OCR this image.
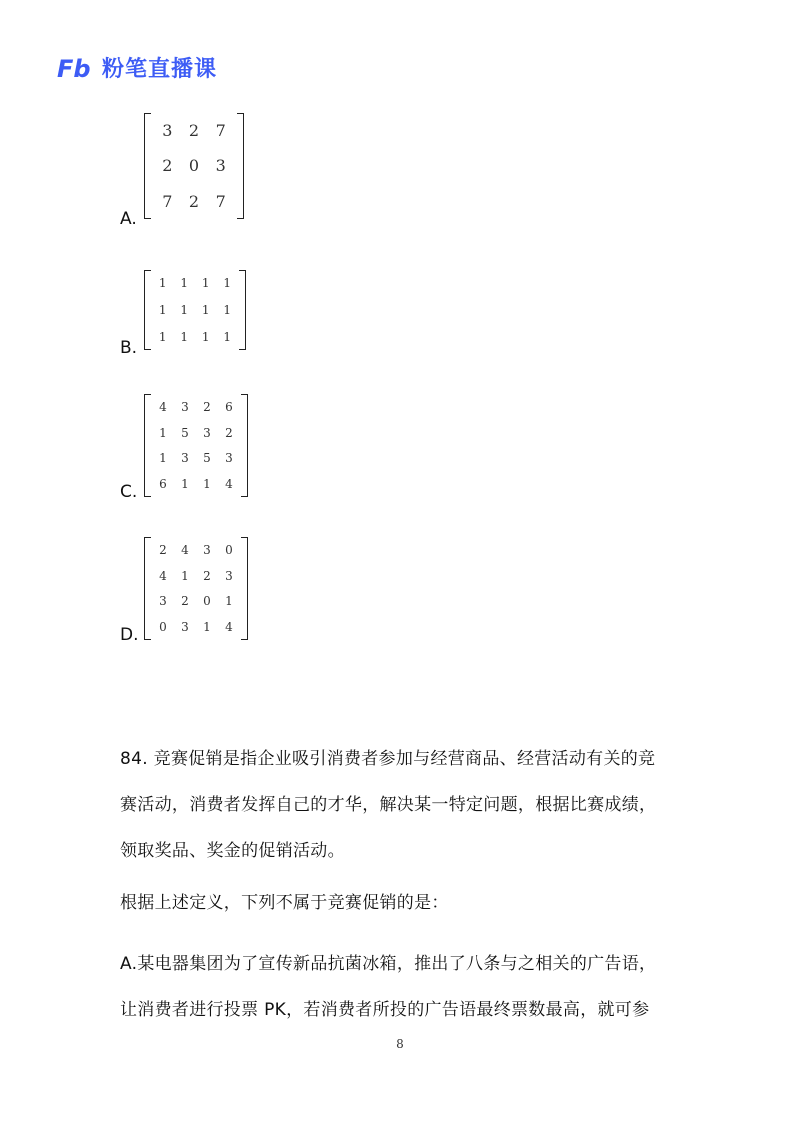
Fb 粉笔直播课
A.
3	2	7
2	0	3
7	2	7
B.
1	1	1	1
1	1	1	1
1	1	1	1
C.
4	3	2	6
1	5	3	2
1	3	5	3
6	1	1	4
D.
2	4	3	0
4	1	2	3
3	2	0	1
0	3	1	4
84. 竞赛促销是指企业吸引消费者参加与经营商品、经营活动有关的竞
赛活动，消费者发挥自己的才华，解决某一特定问题，根据比赛成绩，
领取奖品、奖金的促销活动。
根据上述定义，下列不属于竞赛促销的是：
A.某电器集团为了宣传新品抗菌冰箱，推出了八条与之相关的广告语，
让消费者进行投票 PK，若消费者所投的广告语最终票数最高，就可参
8
